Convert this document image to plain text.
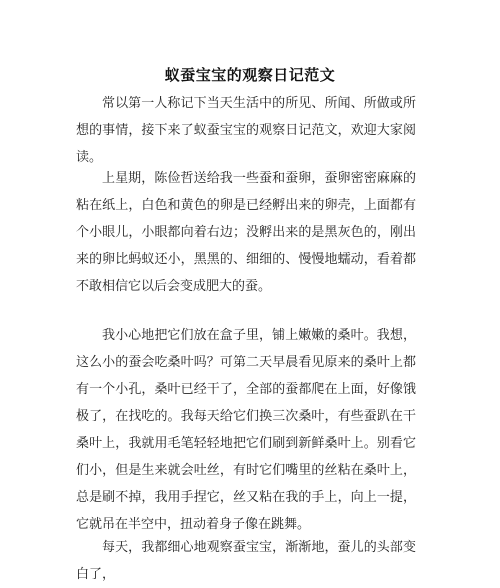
蚁蚕宝宝的观察日记范文

常以第一人称记下当天生活中的所见、所闻、所做或所想的事情，接下来了蚁蚕宝宝的观察日记范文，欢迎大家阅读。

上星期，陈俭哲送给我一些蚕和蚕卵，蚕卵密密麻麻的粘在纸上，白色和黄色的卵是已经孵出来的卵壳，上面都有个小眼儿，小眼都向着右边；没孵出来的是黑灰色的，刚出来的卵比蚂蚁还小，黑黑的、细细的、慢慢地蠕动，看着都不敢相信它以后会变成肥大的蚕。

我小心地把它们放在盒子里，铺上嫩嫩的桑叶。我想，这么小的蚕会吃桑叶吗？可第二天早晨看见原来的桑叶上都有一个小孔，桑叶已经干了，全部的蚕都爬在上面，好像饿极了，在找吃的。我每天给它们换三次桑叶，有些蚕趴在干桑叶上，我就用毛笔轻轻地把它们刷到新鲜桑叶上。别看它们小，但是生来就会吐丝，有时它们嘴里的丝粘在桑叶上，总是刷不掉，我用手捏它，丝又粘在我的手上，向上一提，它就吊在半空中，扭动着身子像在跳舞。

每天，我都细心地观察蚕宝宝，渐渐地，蚕儿的头部变白了，
